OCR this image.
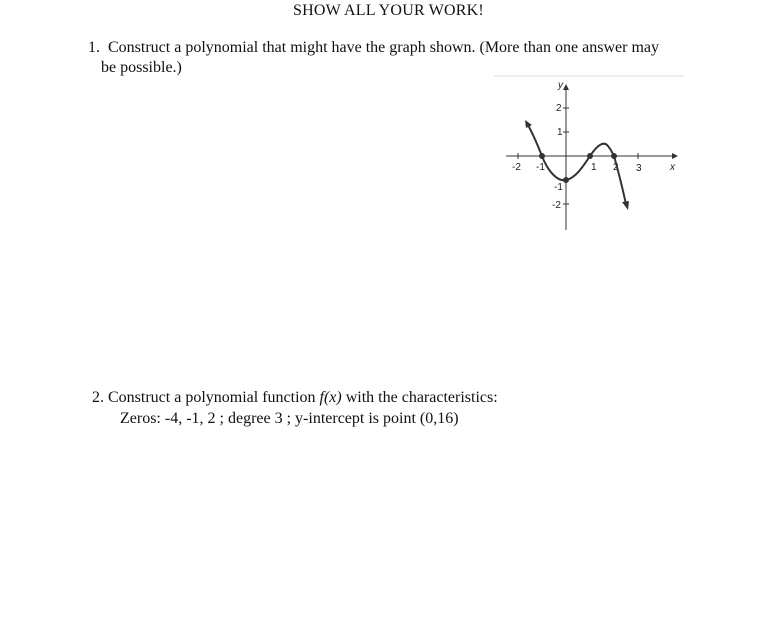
SHOW ALL YOUR WORK!
1. Construct a polynomial that might have the graph shown. (More than one answer may
be possible.)
-2 -1	1 2 3
2
1
-1
-2
x
y
2. Construct a polynomial function f(x) with the characteristics:
Zeros: -4, -1, 2 ; degree 3 ; y-intercept is point (0,16)
